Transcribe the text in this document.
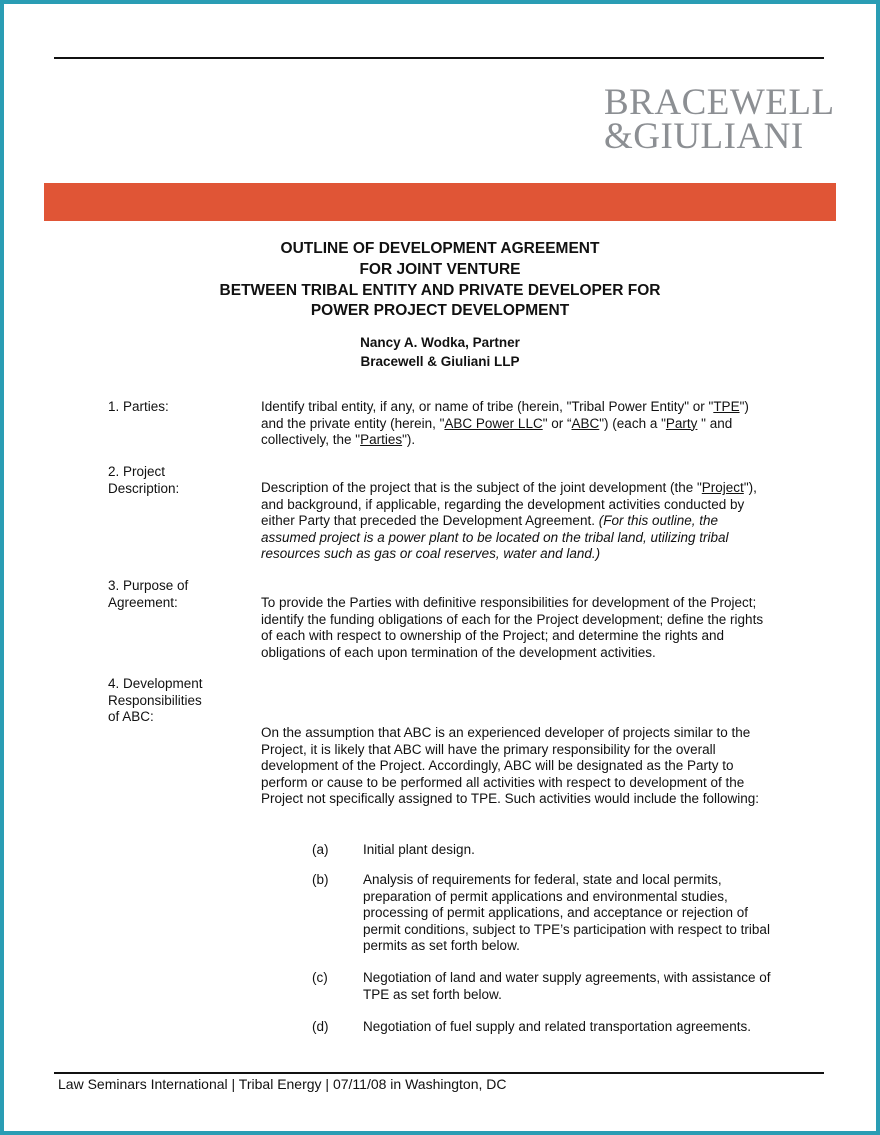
BRACEWELL
&GIULIANI
OUTLINE OF DEVELOPMENT AGREEMENT
FOR JOINT VENTURE
BETWEEN TRIBAL ENTITY AND PRIVATE DEVELOPER FOR
POWER PROJECT DEVELOPMENT
Nancy A. Wodka, Partner
Bracewell & Giuliani LLP
1. Parties:	Identify tribal entity, if any, or name of tribe (herein, "Tribal Power Entity" or "TPE") and the private entity (herein, "ABC Power LLC" or “ABC") (each a "Party " and collectively, the "Parties").
2. Project
Description:	Description of the project that is the subject of the joint development (the "Project"), and background, if applicable, regarding the development activities conducted by either Party that preceded the Development Agreement. (For this outline, the assumed project is a power plant to be located on the tribal land, utilizing tribal resources such as gas or coal reserves, water and land.)
3. Purpose of
Agreement:	To provide the Parties with definitive responsibilities for development of the Project; identify the funding obligations of each for the Project development; define the rights of each with respect to ownership of the Project; and determine the rights and obligations of each upon termination of the development activities.
4. Development
Responsibilities
of ABC:
On the assumption that ABC is an experienced developer of projects similar to the Project, it is likely that ABC will have the primary responsibility for the overall development of the Project. Accordingly, ABC will be designated as the Party to perform or cause to be performed all activities with respect to development of the Project not specifically assigned to TPE. Such activities would include the following:
(a)	Initial plant design.
(b)	Analysis of requirements for federal, state and local permits, preparation of permit applications and environmental studies, processing of permit applications, and acceptance or rejection of permit conditions, subject to TPE’s participation with respect to tribal permits as set forth below.
(c)	Negotiation of land and water supply agreements, with assistance of TPE as set forth below.
(d)	Negotiation of fuel supply and related transportation agreements.
Law Seminars International | Tribal Energy | 07/11/08 in Washington, DC
